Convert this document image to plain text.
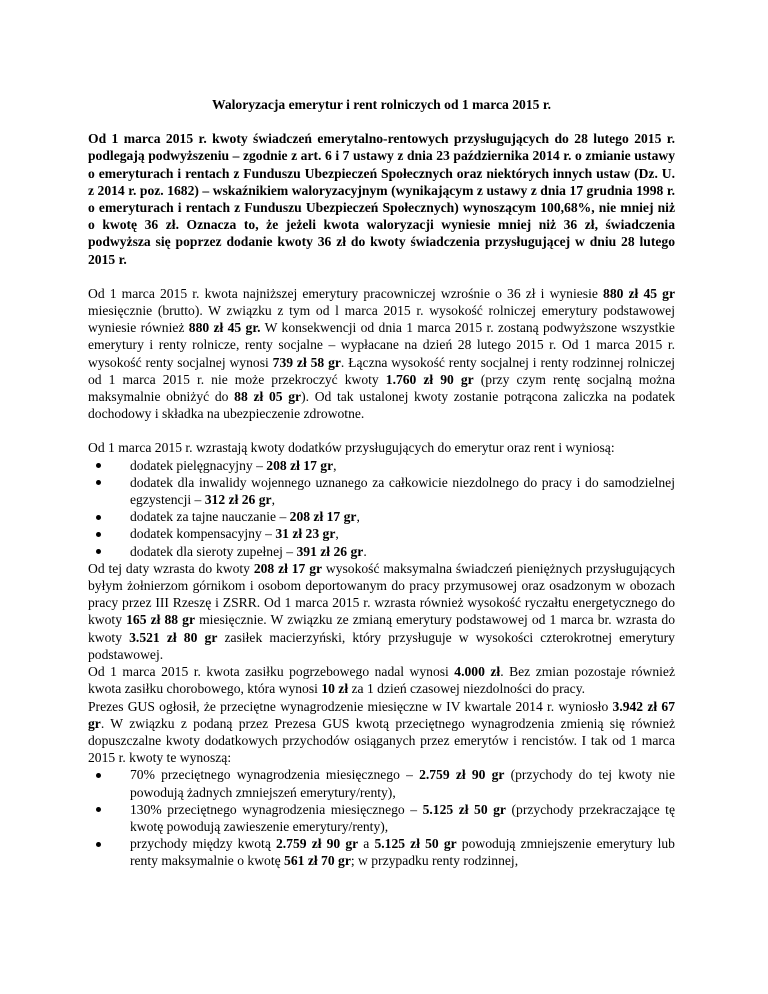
Waloryzacja emerytur i rent rolniczych od 1 marca 2015 r.

Od 1 marca 2015 r. kwoty świadczeń emerytalno-rentowych przysługujących do 28 lutego 2015 r. podlegają podwyższeniu – zgodnie z art. 6 i 7 ustawy z dnia 23 października 2014 r. o zmianie ustawy o emeryturach i rentach z Funduszu Ubezpieczeń Społecznych oraz niektórych innych ustaw (Dz. U. z 2014 r. poz. 1682) – wskaźnikiem waloryzacyjnym (wynikającym z ustawy z dnia 17 grudnia 1998 r. o emeryturach i rentach z Funduszu Ubezpieczeń Społecznych) wynoszącym 100,68%, nie mniej niż o kwotę 36 zł. Oznacza to, że jeżeli kwota waloryzacji wyniesie mniej niż 36 zł, świadczenia podwyższa się poprzez dodanie kwoty 36 zł do kwoty świadczenia przysługującej w dniu 28 lutego 2015 r.

Od 1 marca 2015 r. kwota najniższej emerytury pracowniczej wzrośnie o 36 zł i wyniesie 880 zł 45 gr miesięcznie (brutto). W związku z tym od l marca 2015 r. wysokość rolniczej emerytury podstawowej wyniesie również 880 zł 45 gr. W konsekwencji od dnia 1 marca 2015 r. zostaną podwyższone wszystkie emerytury i renty rolnicze, renty socjalne – wypłacane na dzień 28 lutego 2015 r. Od 1 marca 2015 r. wysokość renty socjalnej wynosi 739 zł 58 gr. Łączna wysokość renty socjalnej i renty rodzinnej rolniczej od 1 marca 2015 r. nie może przekroczyć kwoty 1.760 zł 90 gr (przy czym rentę socjalną można maksymalnie obniżyć do 88 zł 05 gr). Od tak ustalonej kwoty zostanie potrącona zaliczka na podatek dochodowy i składka na ubezpieczenie zdrowotne.

Od 1 marca 2015 r. wzrastają kwoty dodatków przysługujących do emerytur oraz rent i wyniosą:

dodatek pielęgnacyjny – 208 zł 17 gr,
dodatek dla inwalidy wojennego uznanego za całkowicie niezdolnego do pracy i do samodzielnej egzystencji – 312 zł 26 gr,
dodatek za tajne nauczanie – 208 zł 17 gr,
dodatek kompensacyjny – 31 zł 23 gr,
dodatek dla sieroty zupełnej – 391 zł 26 gr.

Od tej daty wzrasta do kwoty 208 zł 17 gr wysokość maksymalna świadczeń pieniężnych przysługujących byłym żołnierzom górnikom i osobom deportowanym do pracy przymusowej oraz osadzonym w obozach pracy przez III Rzeszę i ZSRR. Od 1 marca 2015 r. wzrasta również wysokość ryczałtu energetycznego do kwoty 165 zł 88 gr miesięcznie. W związku ze zmianą emerytury podstawowej od 1 marca br. wzrasta do kwoty 3.521 zł 80 gr zasiłek macierzyński, który przysługuje w wysokości czterokrotnej emerytury podstawowej.

Od 1 marca 2015 r. kwota zasiłku pogrzebowego nadal wynosi 4.000 zł. Bez zmian pozostaje również kwota zasiłku chorobowego, która wynosi 10 zł za 1 dzień czasowej niezdolności do pracy.

Prezes GUS ogłosił, że przeciętne wynagrodzenie miesięczne w IV kwartale 2014 r. wyniosło 3.942 zł 67 gr. W związku z podaną przez Prezesa GUS kwotą przeciętnego wynagrodzenia zmienią się również dopuszczalne kwoty dodatkowych przychodów osiąganych przez emerytów i rencistów. I tak od 1 marca 2015 r. kwoty te wynoszą:

70% przeciętnego wynagrodzenia miesięcznego – 2.759 zł 90 gr (przychody do tej kwoty nie powodują żadnych zmniejszeń emerytury/renty),
130% przeciętnego wynagrodzenia miesięcznego – 5.125 zł 50 gr (przychody przekraczające tę kwotę powodują zawieszenie emerytury/renty),
przychody między kwotą 2.759 zł 90 gr a 5.125 zł 50 gr powodują zmniejszenie emerytury lub renty maksymalnie o kwotę 561 zł 70 gr; w przypadku renty rodzinnej,
